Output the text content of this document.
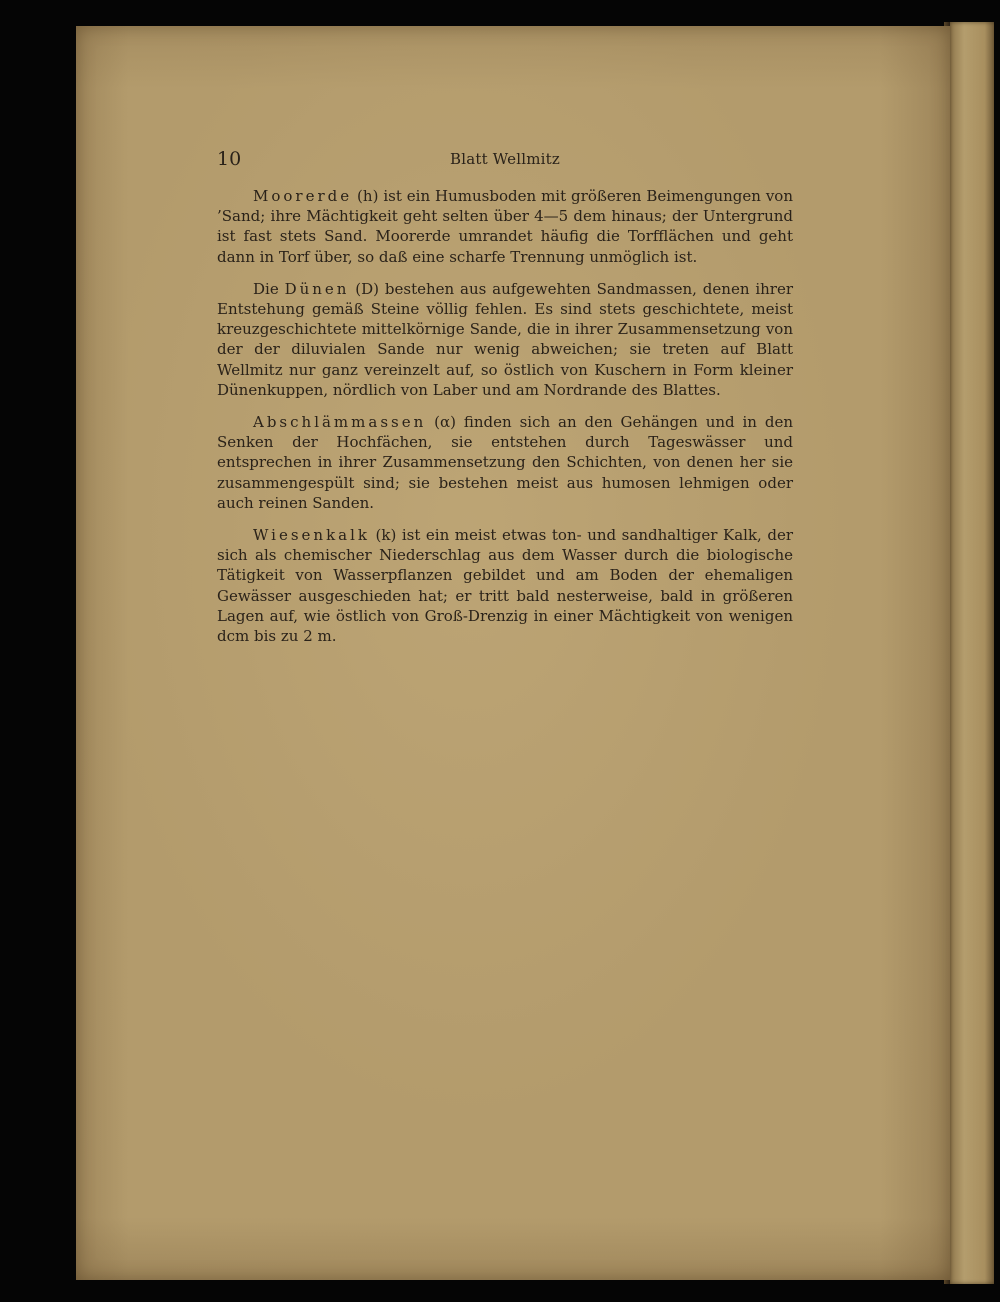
10	Blatt Wellmitz

Moorerde (h) ist ein Humusboden mit größeren Beimengungen von ’Sand; ihre Mächtigkeit geht selten über 4—5 dem hinaus; der Untergrund ist fast stets Sand. Moorerde umrandet häufig die Torfflächen und geht dann in Torf über, so daß eine scharfe Trennung unmöglich ist.

Die Dünen (D) bestehen aus aufgewehten Sandmassen, denen ihrer Entstehung gemäß Steine völlig fehlen. Es sind stets geschichtete, meist kreuzgeschichtete mittelkörnige Sande, die in ihrer Zusammensetzung von der der diluvialen Sande nur wenig abweichen; sie treten auf Blatt Wellmitz nur ganz vereinzelt auf, so östlich von Kuschern in Form kleiner Dünenkuppen, nördlich von Laber und am Nordrande des Blattes.

Abschlämmassen (α) finden sich an den Gehängen und in den Senken der Hochfächen, sie entstehen durch Tageswässer und entsprechen in ihrer Zusammensetzung den Schichten, von denen her sie zusammengespült sind; sie bestehen meist aus humosen lehmigen oder auch reinen Sanden.

Wiesenkalk (k) ist ein meist etwas ton- und sandhaltiger Kalk, der sich als chemischer Niederschlag aus dem Wasser durch die biologische Tätigkeit von Wasserpflanzen gebildet und am Boden der ehemaligen Gewässer ausgeschieden hat; er tritt bald nesterweise, bald in größeren Lagen auf, wie östlich von Groß-Drenzig in einer Mächtigkeit von wenigen dcm bis zu 2 m.
